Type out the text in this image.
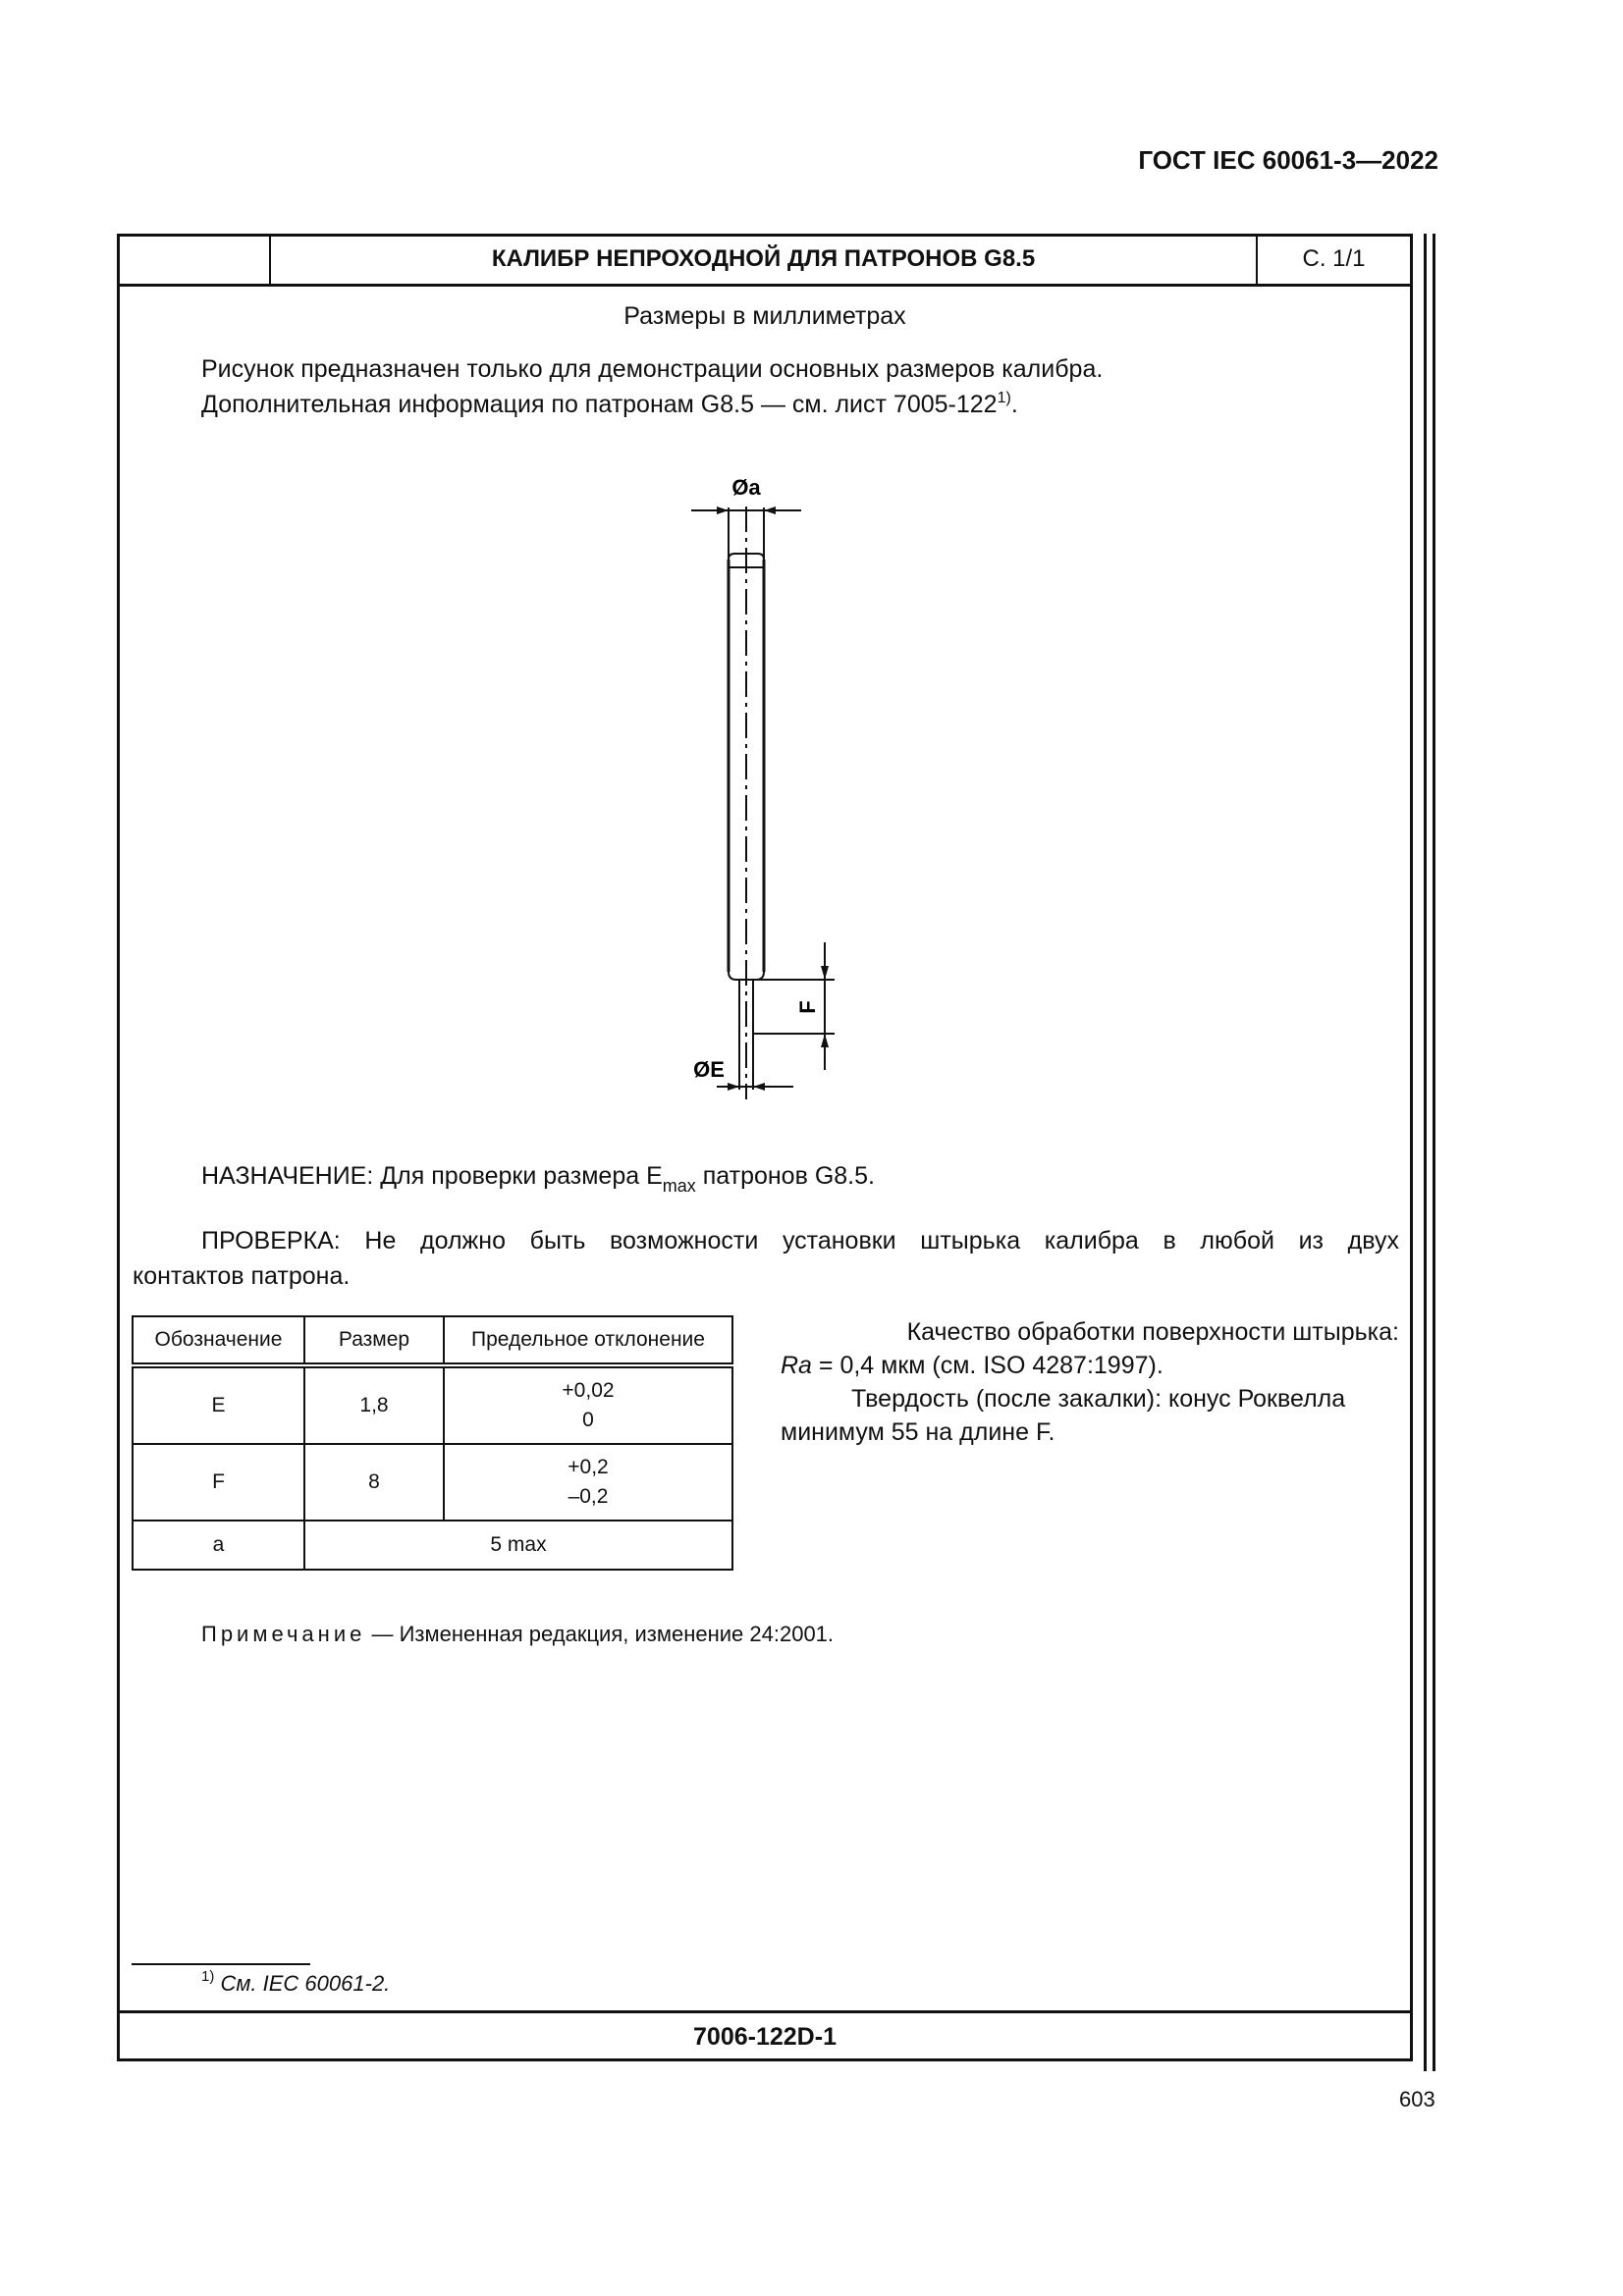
ГОСТ IEC 60061-3—2022
КАЛИБР НЕПРОХОДНОЙ ДЛЯ ПАТРОНОВ G8.5	С. 1/1
Размеры в миллиметрах
Рисунок предназначен только для демонстрации основных размеров калибра.
Дополнительная информация по патронам G8.5 — см. лист 7005-122$^{1)}$.
Øa
ØE
F
НАЗНАЧЕНИЕ: Для проверки размера $E_{max}$ патронов G8.5.
ПРОВЕРКА: Не должно быть возможности установки штырька калибра в любой из двух
контактов патрона.
Обозначение	Размер	Предельное отклонение
E	1,8	+0,02
0

F	8	+0,2
–0,2

a	5 max	
Качество обработки поверхности штырька:
Ra = 0,4 мкм (см. ISO 4287:1997).
Твердость (после закалки): конус Роквелла
минимум 55 на длине F.
Примечание — Измененная редакция, изменение 24:2001.
$^{1)}$ См. IEC 60061-2.
7006-122D-1
603
